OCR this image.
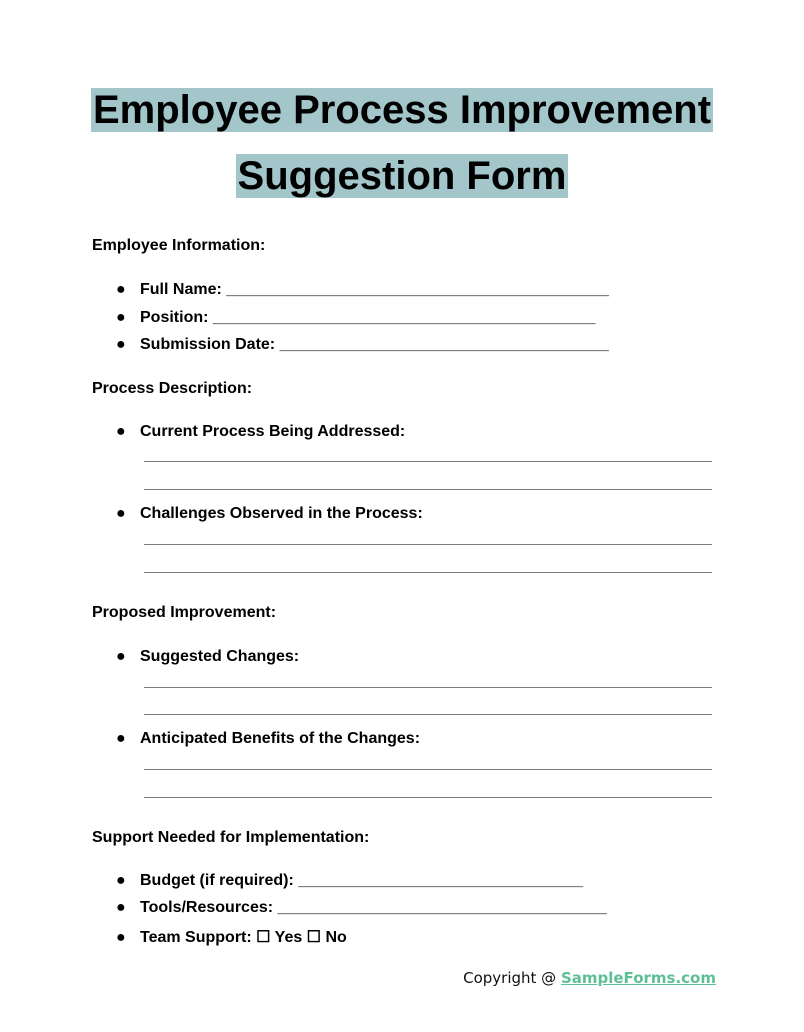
Employee Process Improvement
Suggestion Form
Employee Information:
● Full Name: ___________________________________________
● Position: ___________________________________________
● Submission Date: _____________________________________
Process Description:
● Current Process Being Addressed:
● Challenges Observed in the Process:
Proposed Improvement:
● Suggested Changes:
● Anticipated Benefits of the Changes:
Support Needed for Implementation:
● Budget (if required): ________________________________
● Tools/Resources: _____________________________________
● Team Support: ☐ Yes ☐ No
Copyright @ SampleForms.com
